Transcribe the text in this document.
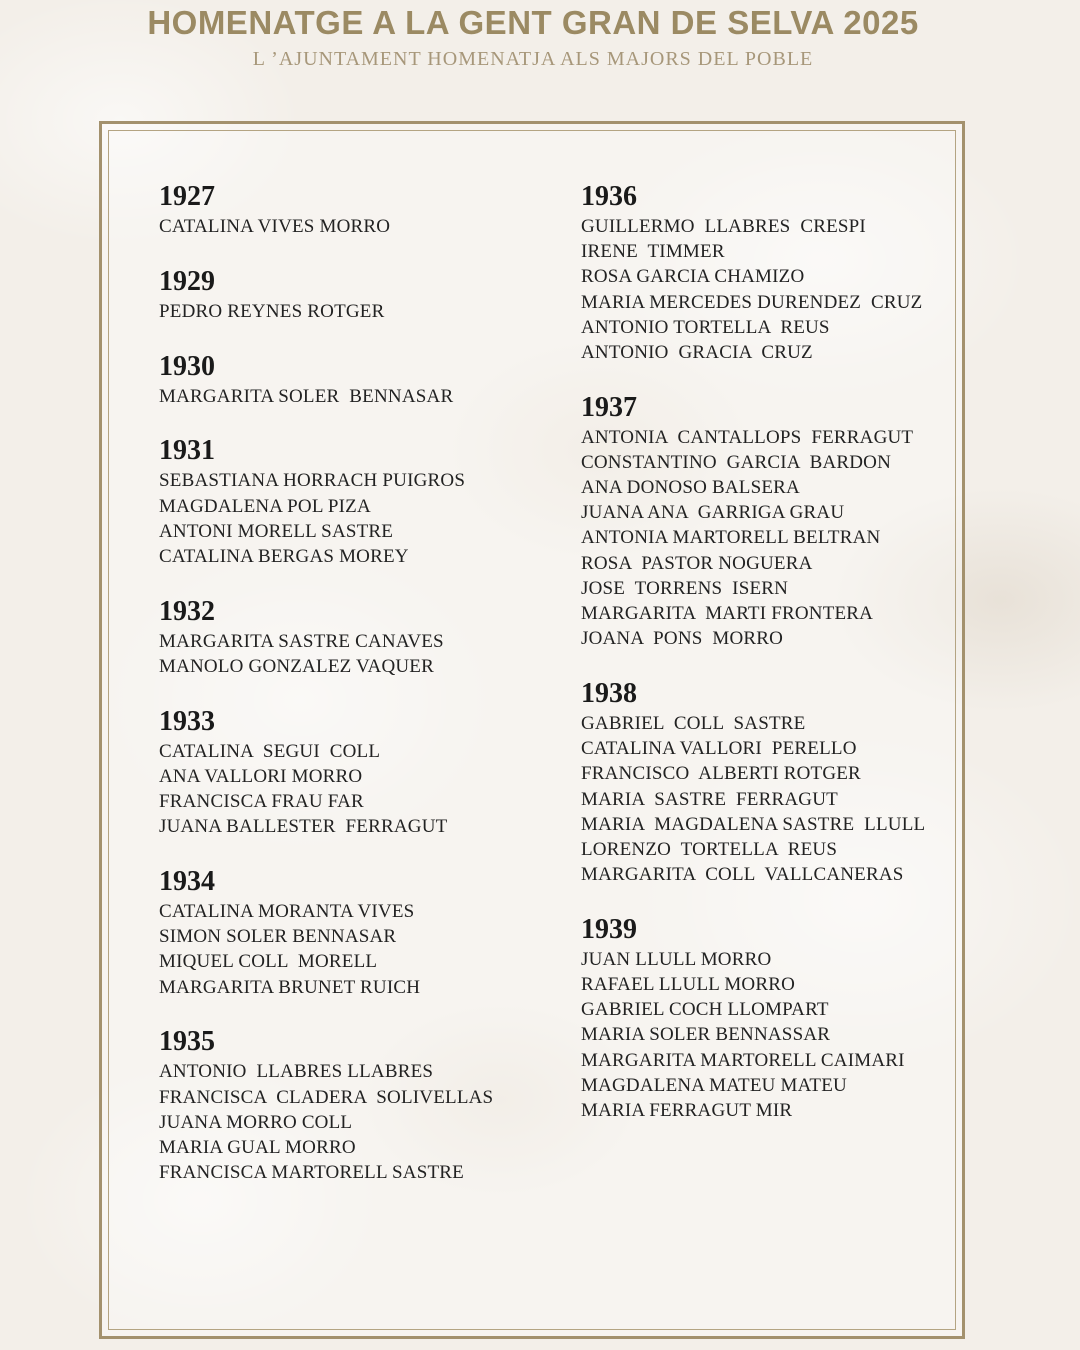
HOMENATGE A LA GENT GRAN DE SELVA 2025

L ’AJUNTAMENT HOMENATJA ALS MAJORS DEL POBLE

1927
CATALINA VIVES MORRO
1929
PEDRO REYNES ROTGER
1930
MARGARITA SOLER  BENNASAR
1931
SEBASTIANA HORRACH PUIGROS
MAGDALENA POL PIZA
ANTONI MORELL SASTRE
CATALINA BERGAS MOREY
1932
MARGARITA SASTRE CANAVES
MANOLO GONZALEZ VAQUER
1933
CATALINA  SEGUI  COLL
ANA VALLORI MORRO
FRANCISCA FRAU FAR
JUANA BALLESTER  FERRAGUT
1934
CATALINA MORANTA VIVES
SIMON SOLER BENNASAR
MIQUEL COLL  MORELL
MARGARITA BRUNET RUICH
1935
ANTONIO  LLABRES LLABRES
FRANCISCA  CLADERA  SOLIVELLAS
JUANA MORRO COLL
MARIA GUAL MORRO
FRANCISCA MARTORELL SASTRE
1936
GUILLERMO  LLABRES  CRESPI
IRENE  TIMMER
ROSA GARCIA CHAMIZO
MARIA MERCEDES DURENDEZ  CRUZ
ANTONIO TORTELLA  REUS
ANTONIO  GRACIA  CRUZ
1937
ANTONIA  CANTALLOPS  FERRAGUT
CONSTANTINO  GARCIA  BARDON
ANA DONOSO BALSERA
JUANA ANA  GARRIGA GRAU
ANTONIA MARTORELL BELTRAN
ROSA  PASTOR NOGUERA
JOSE  TORRENS  ISERN
MARGARITA  MARTI FRONTERA
JOANA  PONS  MORRO
1938
GABRIEL  COLL  SASTRE
CATALINA VALLORI  PERELLO
FRANCISCO  ALBERTI ROTGER
MARIA  SASTRE  FERRAGUT
MARIA  MAGDALENA SASTRE  LLULL
LORENZO  TORTELLA  REUS
MARGARITA  COLL  VALLCANERAS
1939
JUAN LLULL MORRO
RAFAEL LLULL MORRO
GABRIEL COCH LLOMPART
MARIA SOLER BENNASSAR
MARGARITA MARTORELL CAIMARI
MAGDALENA MATEU MATEU
MARIA FERRAGUT MIR
